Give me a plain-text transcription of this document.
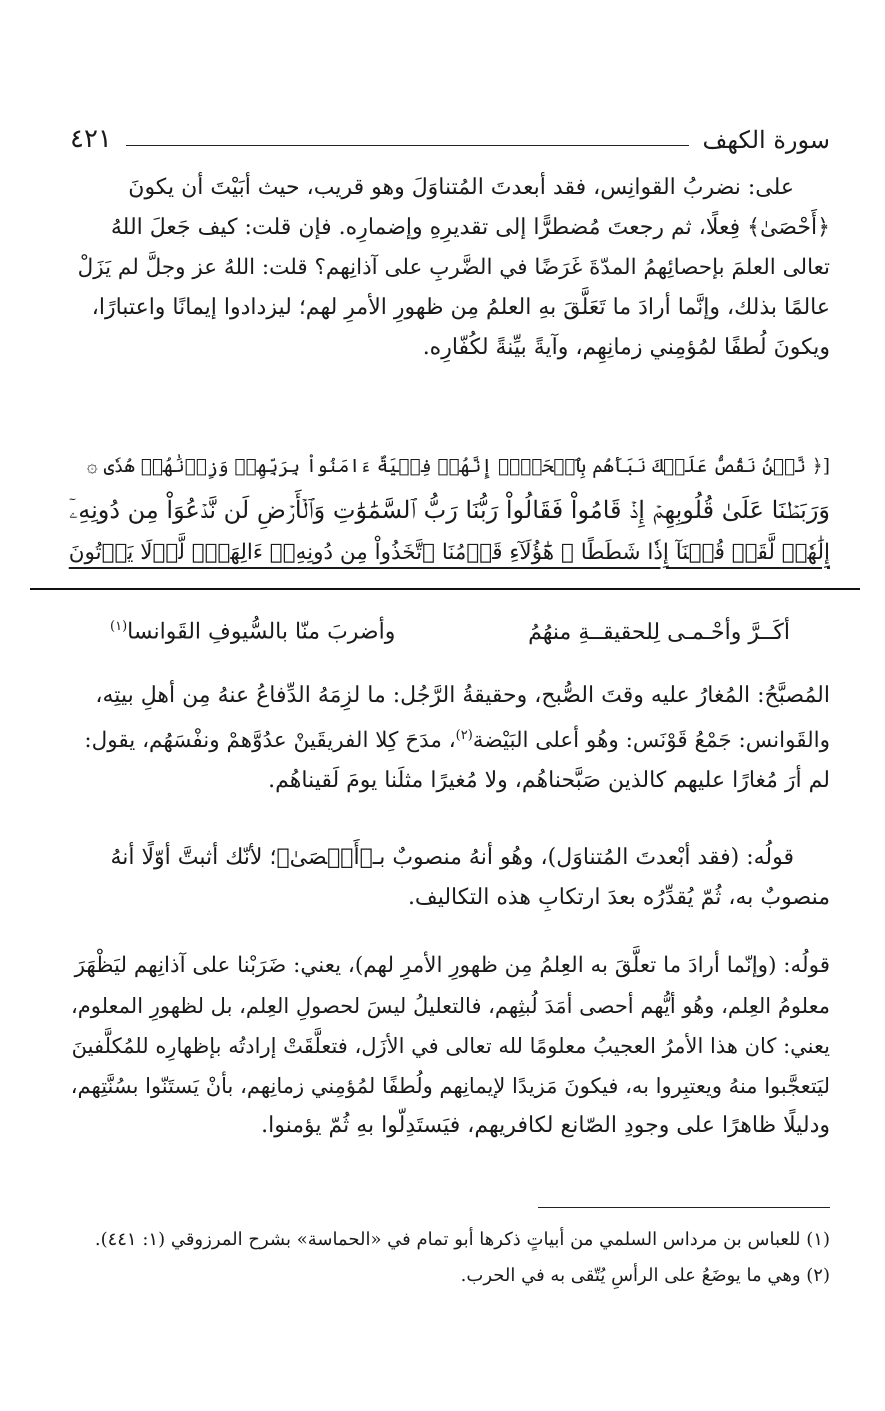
سورة الكهف
٤٢١

على: نضربُ القوانِس، فقد أبعدتَ المُتناوَلَ وهو قريب، حيث أبَيْتَ أن يكونَ
﴿أَحْصَىٰ﴾ فِعلًا، ثم رجعتَ مُضطرًّا إلى تقديرِهِ وإضمارِه. فإن قلت: كيف جَعلَ اللهُ
تعالى العلمَ بإحصائِهمُ المدّةَ غَرَضًا في الضَّربِ على آذانِهم؟ قلت: اللهُ عز وجلَّ لم يَزَلْ
عالمًا بذلك، وإنَّما أرادَ ما تَعَلَّقَ بهِ العلمُ مِن ظهورِ الأمرِ لهم؛ ليزدادوا إيمانًا واعتبارًا،
ويكونَ لُطفًا لمُؤمِني زمانِهِم، وآيةً بيِّنةً لكُفّارِه.

[﴿ نَّحۡنُ نَقُصُّ عَلَيۡكَ نَبَأَهُم بِٱلۡحَقِّۚ إِنَّهُمۡ فِتۡيَةٌ ءَامَنُواْ بِرَبِّهِمۡ وَزِدۡنَٰهُمۡ هُدٗى ۞
وَرَبَطۡنَا عَلَىٰ قُلُوبِهِمۡ إِذۡ قَامُواْ فَقَالُواْ رَبُّنَا رَبُّ ٱلسَّمَٰوَٰتِ وَٱلۡأَرۡضِ لَن نَّدۡعُوَاْ مِن دُونِهِۦٓ
إِلَٰهٗاۖ لَّقَدۡ قُلۡنَآ إِذٗا شَطَطًا ۞ هَٰٓؤُلَآءِ قَوۡمُنَا ٱتَّخَذُواْ مِن دُونِهِۦٓ ءَالِهَةٗۖ لَّوۡلَا يَأۡتُونَ

أكَــرَّ وأحْـمـى لِلحقيقــةِ منهُمُ
وأضربَ منّا بالسُّيوفِ القَوانسا$^{(١)}$

المُصبَّحُ: المُغارُ عليه وقتَ الصُّبح، وحقيقةُ الرَّجُل: ما لزِمَهُ الدِّفاعُ عنهُ مِن أهلِ بيتِه،
والقَوانس: جَمْعُ قَوْنَس: وهُو أعلى البَيْضة$^{(٢)}$، مدَحَ كِلا الفريقَينْ عدُوَّهمْ ونفْسَهُم، يقول:
لم أرَ مُغارًا عليهم كالذين صَبَّحناهُم، ولا مُغيرًا مثلَنا يومَ لَقيناهُم.

قولُه: (فقد أبْعدتَ المُتناوَل)، وهُو أنهُ منصوبٌ بـ﴿أَحۡصَىٰ﴾؛ لأنّك أثبتَّ أوّلًا أنهُ
منصوبٌ به، ثُمّ يُقدِّرُه بعدَ ارتكابِ هذه التكاليف.

قولُه: (وإنّما أرادَ ما تعلَّقَ به العِلمُ مِن ظهورِ الأمرِ لهم)، يعني: ضَرَبْنا على آذانِهم ليَظْهَرَ
معلومُ العِلم، وهُو أيُّهم أحصى أمَدَ لُبثِهم، فالتعليلُ ليسَ لحصولِ العِلم، بل لظهورِ المعلوم،
يعني: كان هذا الأمرُ العجيبُ معلومًا لله تعالى في الأزَل، فتعلَّقَتْ إرادتُه بإظهارِه للمُكلَّفينَ
ليَتعجَّبوا منهُ ويعتبِروا به، فيكونَ مَزيدًا لإيمانِهم ولُطفًا لمُؤمِني زمانِهم، بأنْ يَستَنّوا بسُنَّتِهم،
ودليلًا ظاهرًا على وجودِ الصّانع لكافريهم، فيَستَدِلّوا بهِ ثُمّ يؤمنوا.

(١) للعباس بن مرداس السلمي من أبياتٍ ذكرها أبو تمام في «الحماسة» بشرح المرزوقي (١: ٤٤١).
(٢) وهي ما يوضَعُ على الرأسِ يُتّقى به في الحرب.
